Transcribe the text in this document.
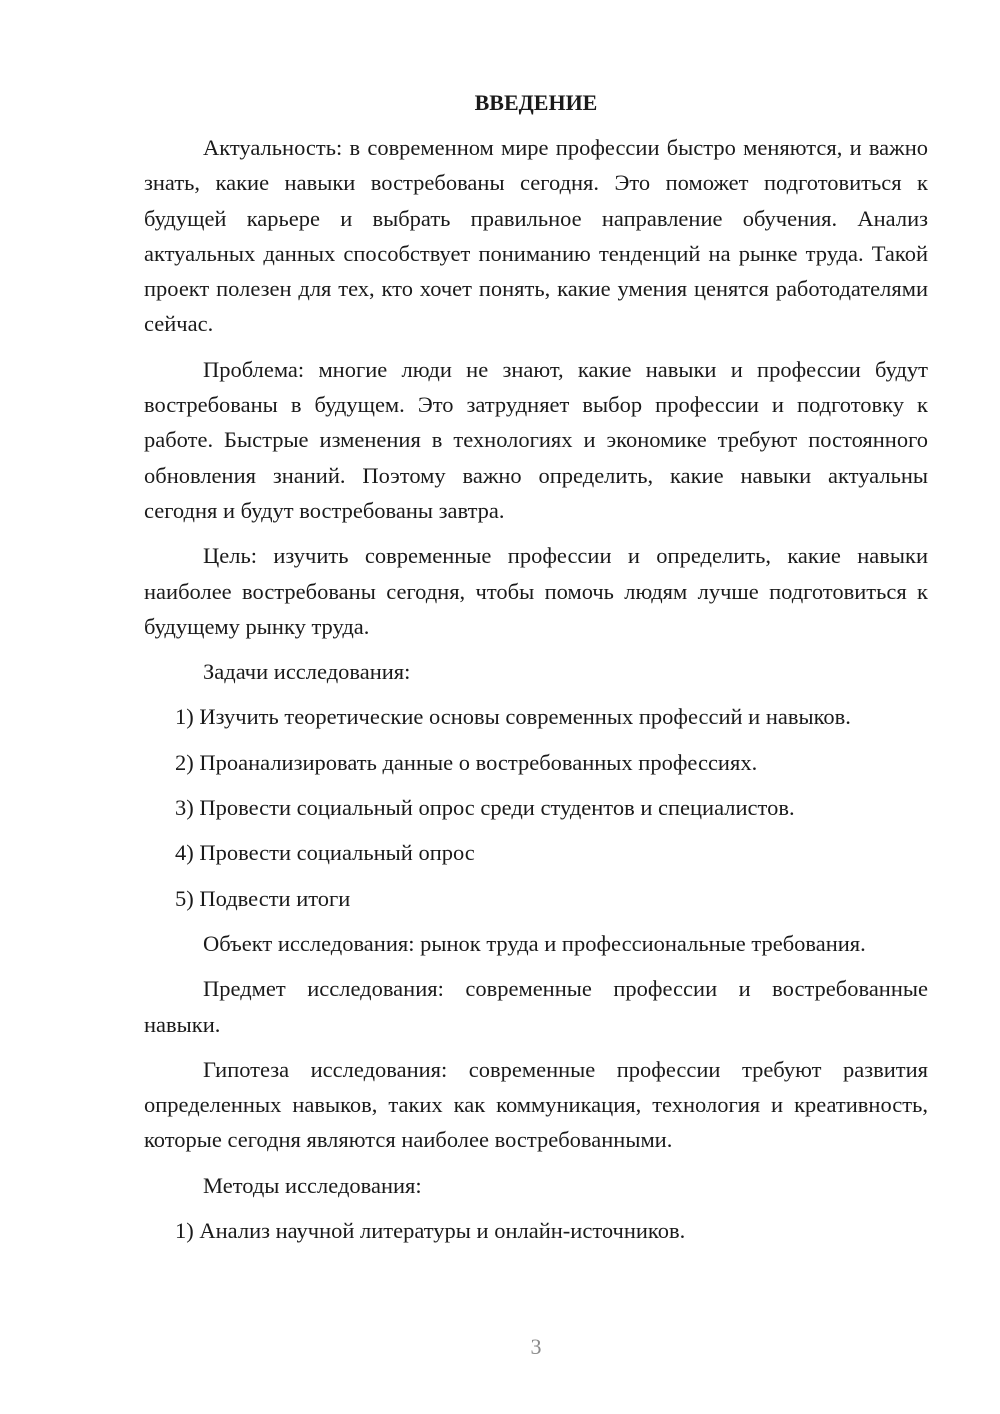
ВВЕДЕНИЕ

Актуальность: в современном мире профессии быстро меняются, и важно знать, какие навыки востребованы сегодня. Это поможет подготовиться к будущей карьере и выбрать правильное направление обучения. Анализ актуальных данных способствует пониманию тенденций на рынке труда. Такой проект полезен для тех, кто хочет понять, какие умения ценятся работодателями сейчас.

Проблема: многие люди не знают, какие навыки и профессии будут востребованы в будущем. Это затрудняет выбор профессии и подготовку к работе. Быстрые изменения в технологиях и экономике требуют постоянного обновления знаний. Поэтому важно определить, какие навыки актуальны сегодня и будут востребованы завтра.

Цель: изучить современные профессии и определить, какие навыки наиболее востребованы сегодня, чтобы помочь людям лучше подготовиться к будущему рынку труда.

Задачи исследования:
1) Изучить теоретические основы современных профессий и навыков.
2) Проанализировать данные о востребованных профессиях.
3) Провести социальный опрос среди студентов и специалистов.
4) Провести социальный опрос
5) Подвести итоги

Объект исследования: рынок труда и профессиональные требования.

Предмет исследования: современные профессии и востребованные навыки.

Гипотеза исследования: современные профессии требуют развития определенных навыков, таких как коммуникация, технология и креативность, которые сегодня являются наиболее востребованными.

Методы исследования:
1) Анализ научной литературы и онлайн-источников.
3
